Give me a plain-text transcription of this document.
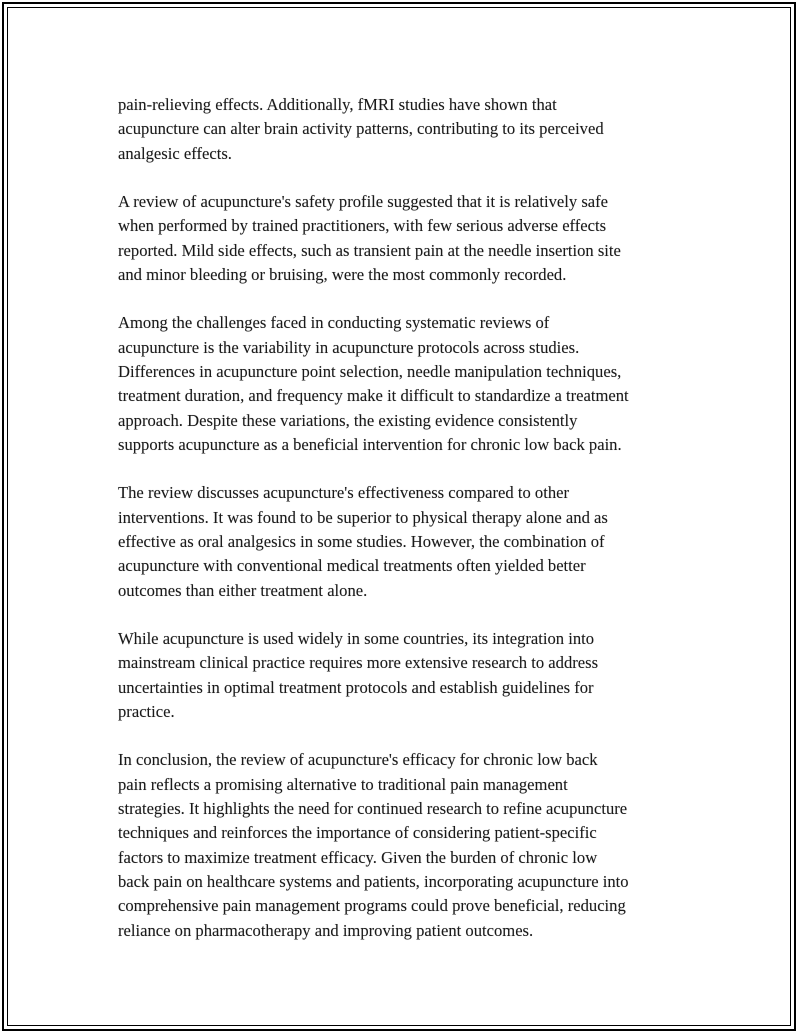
pain-relieving effects. Additionally, fMRI studies have shown that
acupuncture can alter brain activity patterns, contributing to its perceived
analgesic effects.

A review of acupuncture's safety profile suggested that it is relatively safe
when performed by trained practitioners, with few serious adverse effects
reported. Mild side effects, such as transient pain at the needle insertion site
and minor bleeding or bruising, were the most commonly recorded.

Among the challenges faced in conducting systematic reviews of
acupuncture is the variability in acupuncture protocols across studies.
Differences in acupuncture point selection, needle manipulation techniques,
treatment duration, and frequency make it difficult to standardize a treatment
approach. Despite these variations, the existing evidence consistently
supports acupuncture as a beneficial intervention for chronic low back pain.

The review discusses acupuncture's effectiveness compared to other
interventions. It was found to be superior to physical therapy alone and as
effective as oral analgesics in some studies. However, the combination of
acupuncture with conventional medical treatments often yielded better
outcomes than either treatment alone.

While acupuncture is used widely in some countries, its integration into
mainstream clinical practice requires more extensive research to address
uncertainties in optimal treatment protocols and establish guidelines for
practice.

In conclusion, the review of acupuncture's efficacy for chronic low back
pain reflects a promising alternative to traditional pain management
strategies. It highlights the need for continued research to refine acupuncture
techniques and reinforces the importance of considering patient-specific
factors to maximize treatment efficacy. Given the burden of chronic low
back pain on healthcare systems and patients, incorporating acupuncture into
comprehensive pain management programs could prove beneficial, reducing
reliance on pharmacotherapy and improving patient outcomes.
